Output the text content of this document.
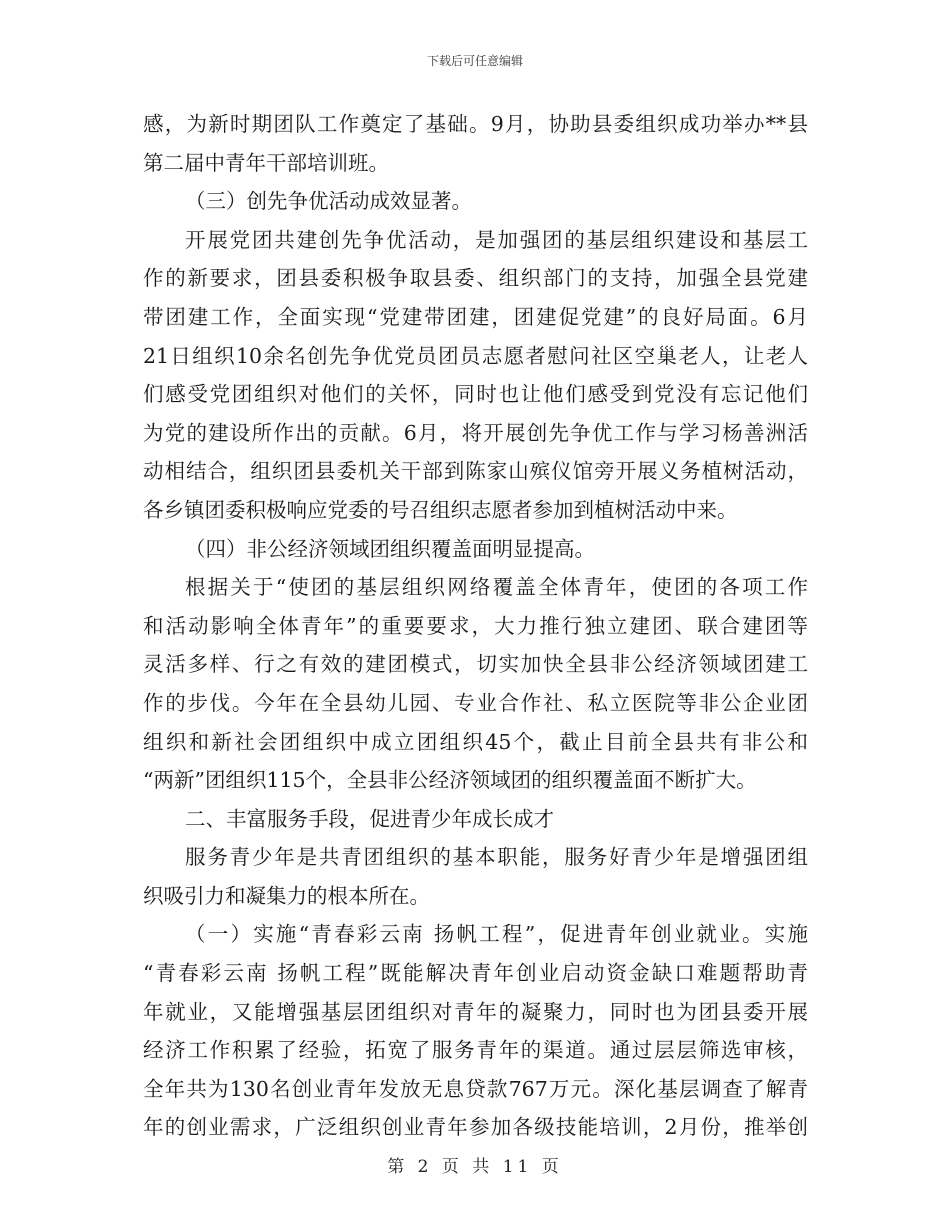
下载后可任意编辑
感，为新时期团队工作奠定了基础。9月，协助县委组织成功举办**县
第二届中青年干部培训班。
（三）创先争优活动成效显著。
开展党团共建创先争优活动，是加强团的基层组织建设和基层工
作的新要求，团县委积极争取县委、组织部门的支持，加强全县党建
带团建工作，全面实现“党建带团建，团建促党建”的良好局面。6月
21日组织10余名创先争优党员团员志愿者慰问社区空巢老人，让老人
们感受党团组织对他们的关怀，同时也让他们感受到党没有忘记他们
为党的建设所作出的贡献。6月，将开展创先争优工作与学习杨善洲活
动相结合，组织团县委机关干部到陈家山殡仪馆旁开展义务植树活动，
各乡镇团委积极响应党委的号召组织志愿者参加到植树活动中来。
（四）非公经济领域团组织覆盖面明显提高。
根据关于“使团的基层组织网络覆盖全体青年，使团的各项工作
和活动影响全体青年”的重要要求，大力推行独立建团、联合建团等
灵活多样、行之有效的建团模式，切实加快全县非公经济领域团建工
作的步伐。今年在全县幼儿园、专业合作社、私立医院等非公企业团
组织和新社会团组织中成立团组织45个，截止目前全县共有非公和
“两新”团组织115个，全县非公经济领域团的组织覆盖面不断扩大。
二、丰富服务手段，促进青少年成长成才
服务青少年是共青团组织的基本职能，服务好青少年是增强团组
织吸引力和凝集力的根本所在。
（一）实施“青春彩云南 扬帆工程”，促进青年创业就业。实施
“青春彩云南 扬帆工程”既能解决青年创业启动资金缺口难题帮助青
年就业，又能增强基层团组织对青年的凝聚力，同时也为团县委开展
经济工作积累了经验，拓宽了服务青年的渠道。通过层层筛选审核，
全年共为130名创业青年发放无息贷款767万元。深化基层调查了解青
年的创业需求，广泛组织创业青年参加各级技能培训，2月份，推举创
第 2 页 共 11 页
